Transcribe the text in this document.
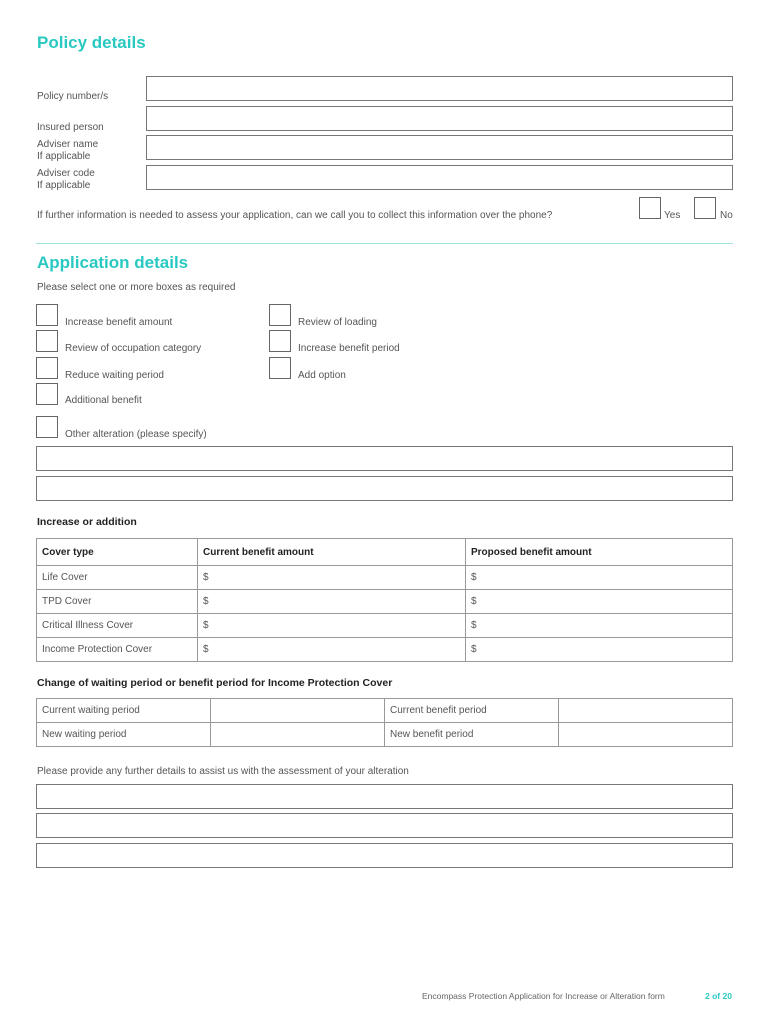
Policy details
Policy number/s
Insured person
Adviser name
If applicable
Adviser code
If applicable
If further information is needed to assess your application, can we call you to collect this information over the phone?	Yes	No
Application details
Please select one or more boxes as required
Increase benefit amount
Review of occupation category
Reduce waiting period
Additional benefit
Review of loading
Increase benefit period
Add option
Other alteration (please specify)
Increase or addition
Cover type	Current benefit amount	Proposed benefit amount
Life Cover	$	$
TPD Cover	$	$
Critical Illness Cover	$	$
Income Protection Cover	$	$
Change of waiting period or benefit period for Income Protection Cover
Current waiting period		Current benefit period	
New waiting period		New benefit period	
Please provide any further details to assist us with the assessment of your alteration
Encompass Protection Application for Increase or Alteration form	2 of 20
